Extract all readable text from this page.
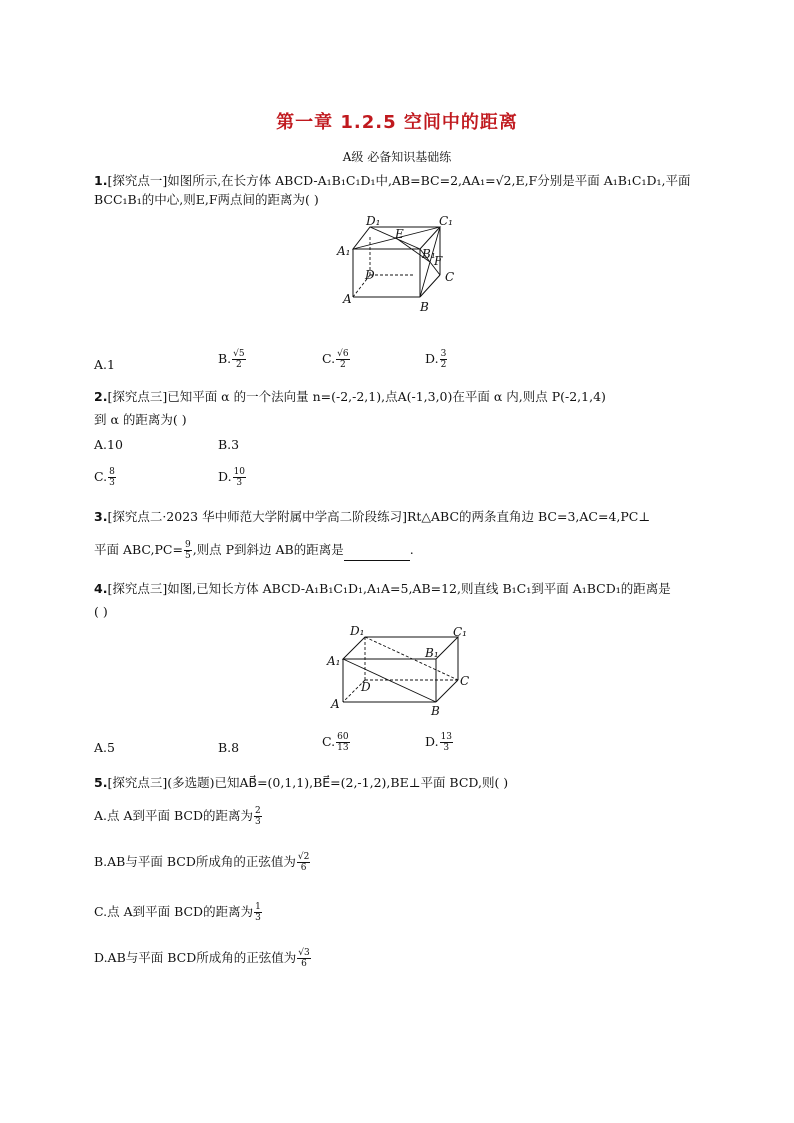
第一章 1.2.5 空间中的距离
A级 必备知识基础练
1.[探究点一]如图所示,在长方体 ABCD-A₁B₁C₁D₁中,AB=BC=2,AA₁=√2,E,F分别是平面 A₁B₁C₁D₁,平面
BCC₁B₁的中心,则E,F两点间的距离为( )
D₁	C₁
A₁
E
B₁
F
D	C
A
B
A.1	B. $\frac{√5}{2}$	C. $\frac{√6}{2}$	D. $\frac{3}{2}$
2.[探究点三]已知平面 α 的一个法向量 n=(-2,-2,1),点A(-1,3,0)在平面 α 内,则点 P(-2,1,4)
到 α 的距离为( )
A.10	B.3
C. $\frac{8}{3}$	D. $\frac{10}{3}$
3.[探究点二·2023 华中师范大学附属中学高二阶段练习]Rt△ABC的两条直角边 BC=3,AC=4,PC⊥
平面 $ABC,PC= \frac{9}{5}$ ,则点 P到斜边 AB的距离是	.
4.[探究点三]如图,已知长方体 ABCD-A₁B₁C₁D₁,A₁A=5,AB=12,则直线 B₁C₁到平面 A₁BCD₁的距离是
( )
D₁	C₁
A₁
B₁
D	C
A	B
A.5	B.8	C. $\frac{60}{13}$	D. $\frac{13}{3}$
5.[探究点三](多选题)已知AB⃗=(0,1,1),BE⃗=(2,-1,2),BE⊥平面 BCD,则( )
A.点 A到平面 BCD的距离为 $\frac{2}{3}$
B.AB与平面 BCD所成角的正弦值为 $\frac{√2}{6}$
C.点 A到平面 BCD的距离为 $\frac{1}{3}$
D.AB与平面 BCD所成角的正弦值为 $\frac{√3}{6}$
